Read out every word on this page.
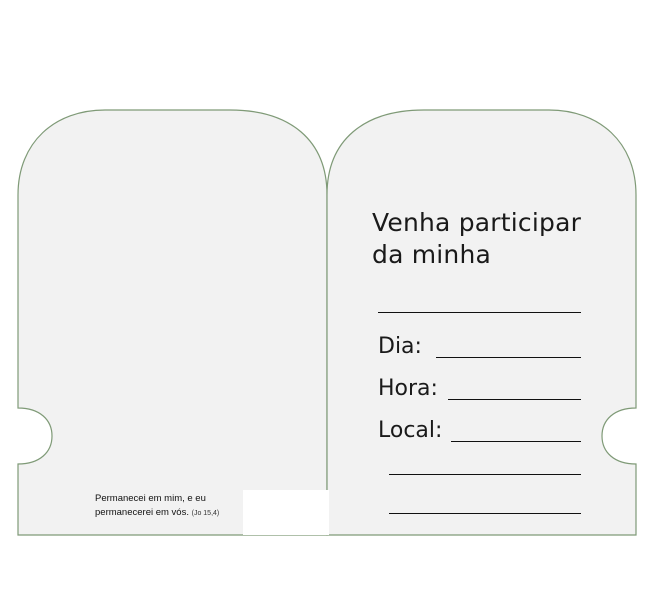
Venha participar
da minha
Dia:
Hora:
Local:
Permanecei em mim, e eu permanecerei em vós. (Jo 15,4)
